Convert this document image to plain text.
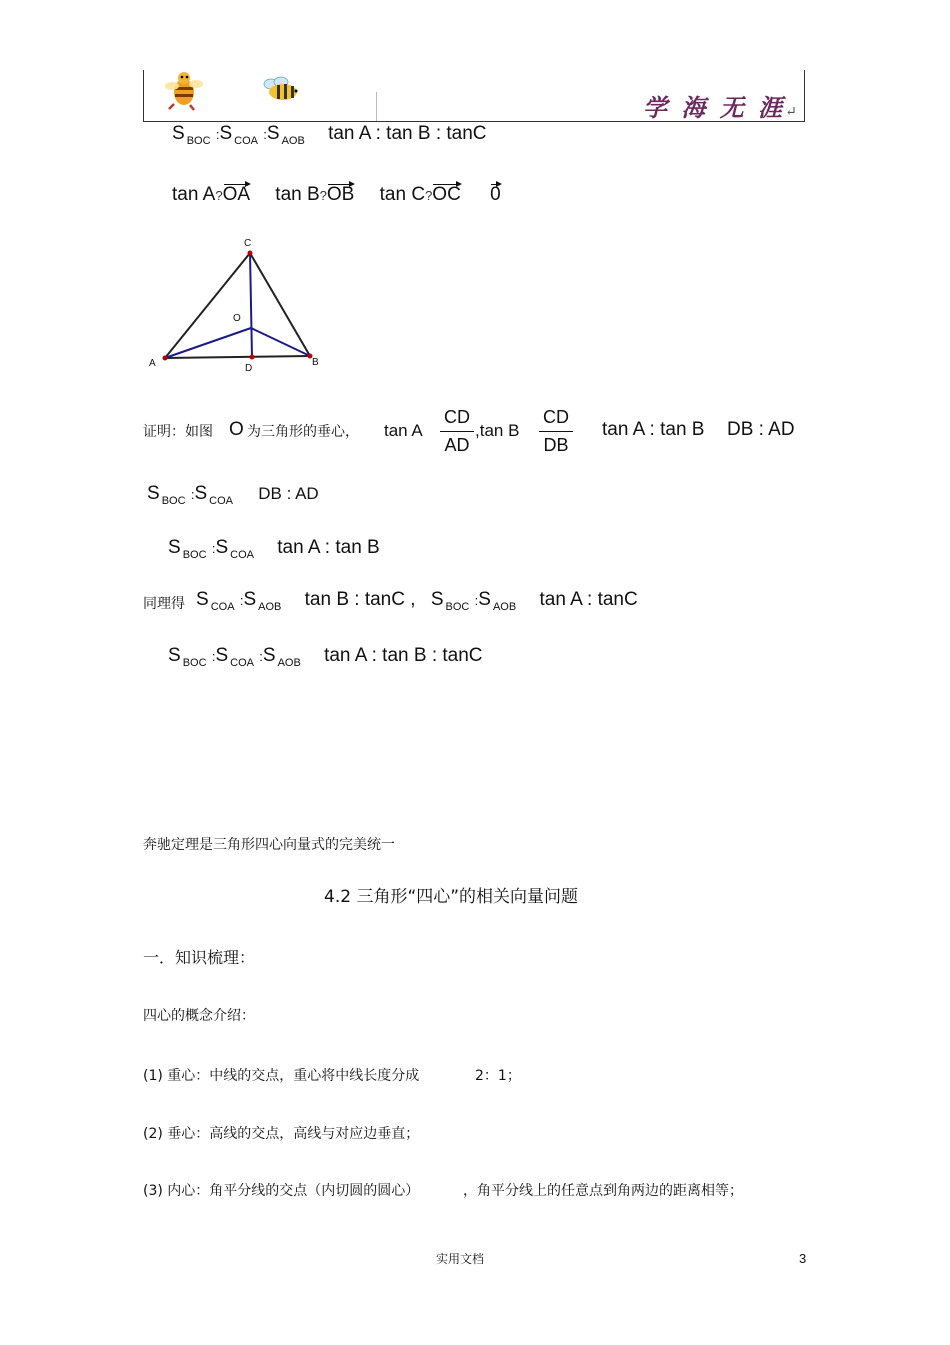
学 海 无 涯↵
S $_{BOC}$ :S $_{COA}$ :S $_{AOB}$ tan A : tan B : tanC
tan A?OA tan B?OB tan C?OC 0
C
O
A	D
B
证明：如图 O 为三角形的垂心， tan A
CD
AD
,tan B
CD
DB
tan A : tan B DB : AD
S $_{BOC}$ :S $_{COA}$ DB : AD
S $_{BOC}$ :S $_{COA}$ tan A : tan B
同理得 S $_{COA}$ :S $_{AOB}$ tan B : tanC , S $_{BOC}$ :S $_{AOB}$ tan A : tanC
S $_{BOC}$ :S $_{COA}$ :S $_{AOB}$ tan A : tan B : tanC
奔驰定理是三角形四心向量式的完美统一
4.2 三角形“四心”的相关向量问题
一．知识梳理：
四心的概念介绍：
(1) 重心：中线的交点，重心将中线长度分成	2：1；
(2) 垂心：高线的交点，高线与对应边垂直；
(3) 内心：角平分线的交点（内切圆的圆心）	，角平分线上的任意点到角两边的距离相等；
实用文档	3
